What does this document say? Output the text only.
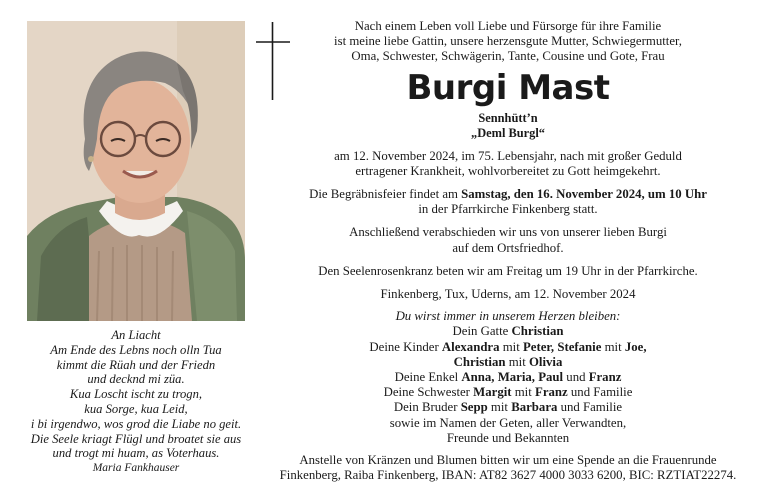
An Liacht
Am Ende des Lebns noch olln Tua
kimmt die Rüah und der Friedn
und decknd mi züa.
Kua Loscht ischt zu trogn,
kua Sorge, kua Leid,
i bi irgendwo, wos grod die Liabe no geit.
Die Seele kriagt Flügl und broatet sie aus
und trogt mi huam, as Voterhaus.
Maria Fankhauser

Nach einem Leben voll Liebe und Fürsorge für ihre Familie

ist meine liebe Gattin, unsere herzensgute Mutter, Schwiegermutter,

Oma, Schwester, Schwägerin, Tante, Cousine und Gote, Frau

Burgi Mast

Sennhütt’n

„Deml Burgl“

am 12. November 2024, im 75. Lebensjahr, nach mit großer Geduld

ertragener Krankheit, wohlvorbereitet zu Gott heimgekehrt.

Die Begräbnisfeier findet am Samstag, den 16. November 2024, um 10 Uhr

in der Pfarrkirche Finkenberg statt.

Anschließend verabschieden wir uns von unserer lieben Burgi

auf dem Ortsfriedhof.

Den Seelenrosenkranz beten wir am Freitag um 19 Uhr in der Pfarrkirche.

Finkenberg, Tux, Uderns, am 12. November 2024

Du wirst immer in unserem Herzen bleiben:

Dein Gatte Christian

Deine Kinder Alexandra mit Peter, Stefanie mit Joe,

Christian mit Olivia

Deine Enkel Anna, Maria, Paul und Franz

Deine Schwester Margit mit Franz und Familie

Dein Bruder Sepp mit Barbara und Familie

sowie im Namen der Geten, aller Verwandten,

Freunde und Bekannten

Anstelle von Kränzen und Blumen bitten wir um eine Spende an die Frauenrunde

Finkenberg, Raiba Finkenberg, IBAN: AT82 3627 4000 3033 6200, BIC: RZTIAT22274.
